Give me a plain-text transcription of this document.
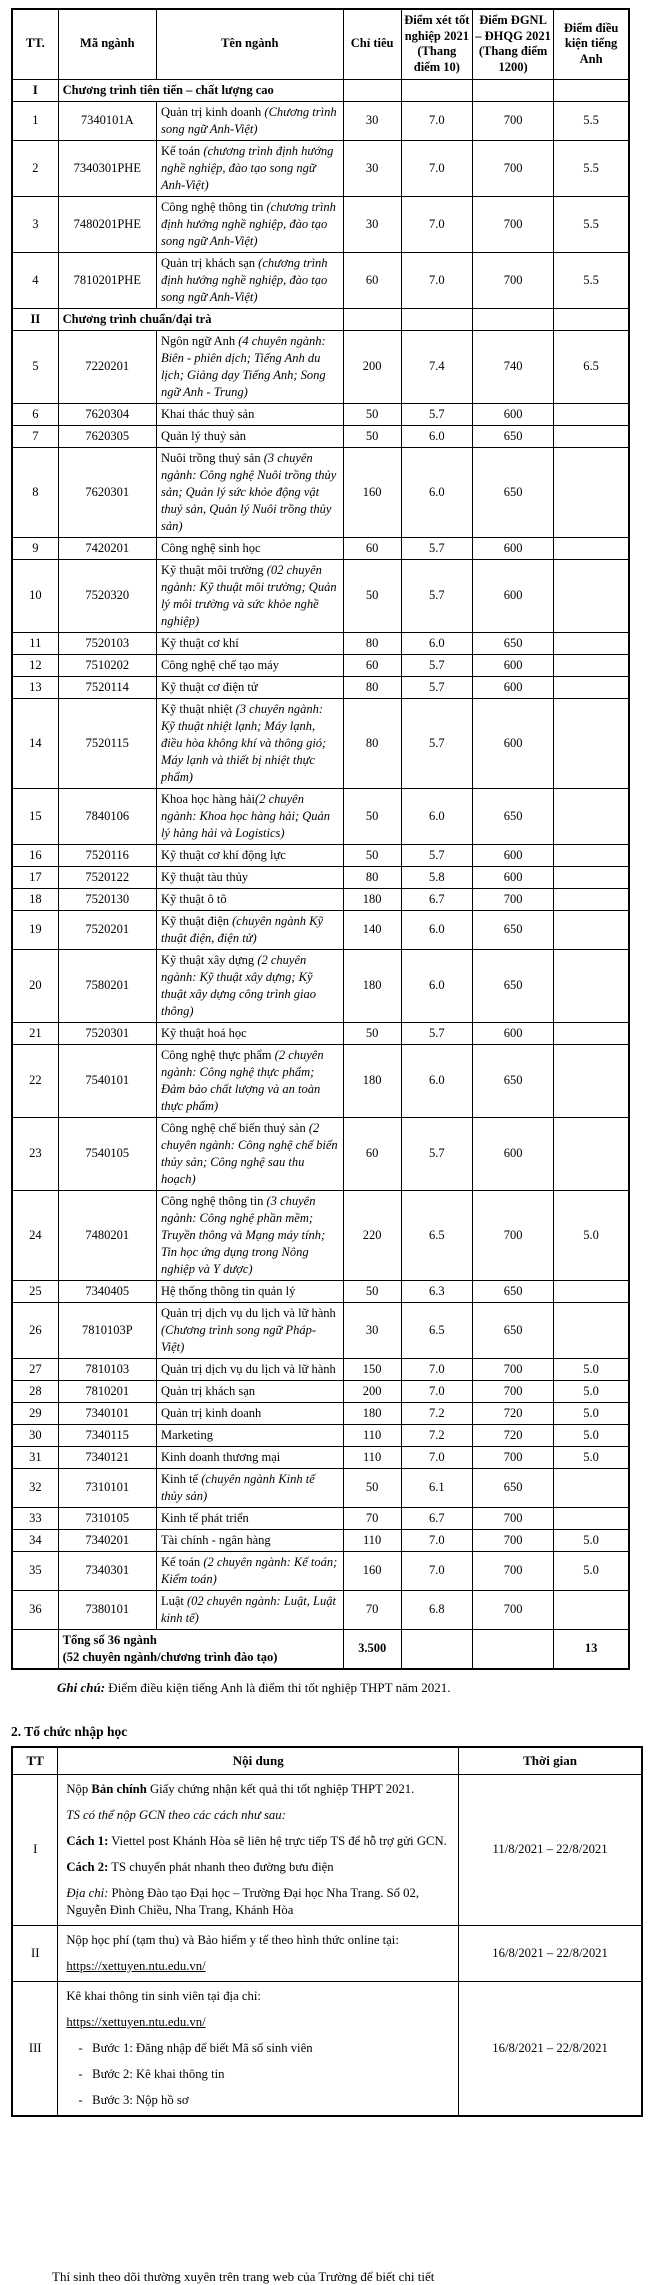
TT.	Mã ngành	Tên ngành	Chỉ tiêu	Điểm xét tốt nghiệp 2021 (Thang điểm 10)	Điểm ĐGNL – ĐHQG 2021 (Thang điểm 1200)	Điểm điều kiện tiếng Anh
I	Chương trình tiên tiến – chất lượng cao					
1	7340101A	Quản trị kinh doanh (Chương trình song ngữ Anh-Việt)	30	7.0	700	5.5
2	7340301PHE	Kế toán (chương trình định hướng nghề nghiệp, đào tạo song ngữ Anh-Việt)	30	7.0	700	5.5
3	7480201PHE	Công nghệ thông tin (chương trình định hướng nghề nghiệp, đào tạo song ngữ Anh-Việt)	30	7.0	700	5.5
4	7810201PHE	Quản trị khách sạn (chương trình định hướng nghề nghiệp, đào tạo song ngữ Anh-Việt)	60	7.0	700	5.5
II	Chương trình chuẩn/đại trà					
5	7220201	Ngôn ngữ Anh (4 chuyên ngành: Biên - phiên dịch; Tiếng Anh du lịch; Giảng dạy Tiếng Anh; Song ngữ Anh - Trung)	200	7.4	740	6.5
6	7620304	Khai thác thuỷ sản	50	5.7	600	
7	7620305	Quản lý thuỷ sản	50	6.0	650	
8	7620301	Nuôi trồng thuỷ sản (3 chuyên ngành: Công nghệ Nuôi trồng thủy sản; Quản lý sức khỏe động vật thuỷ sản, Quản lý Nuôi trồng thủy sản)	160	6.0	650	
9	7420201	Công nghệ sinh học	60	5.7	600	
10	7520320	Kỹ thuật môi trường (02 chuyên ngành: Kỹ thuật môi trường; Quản lý môi trường và sức khỏe nghề nghiệp)	50	5.7	600	
11	7520103	Kỹ thuật cơ khí	80	6.0	650	
12	7510202	Công nghệ chế tạo máy	60	5.7	600	
13	7520114	Kỹ thuật cơ điện tử	80	5.7	600	
14	7520115	Kỹ thuật nhiệt (3 chuyên ngành: Kỹ thuật nhiệt lạnh; Máy lạnh, điều hòa không khí và thông gió; Máy lạnh và thiết bị nhiệt thực phẩm)	80	5.7	600	
15	7840106	Khoa học hàng hải(2 chuyên ngành: Khoa học hàng hải; Quản lý hàng hải và Logistics)	50	6.0	650	
16	7520116	Kỹ thuật cơ khí động lực	50	5.7	600	
17	7520122	Kỹ thuật tàu thủy	80	5.8	600	
18	7520130	Kỹ thuật ô tô	180	6.7	700	
19	7520201	Kỹ thuật điện (chuyên ngành Kỹ thuật điện, điện tử)	140	6.0	650	
20	7580201	Kỹ thuật xây dựng (2 chuyên ngành: Kỹ thuật xây dựng; Kỹ thuật xây dựng công trình giao thông)	180	6.0	650	
21	7520301	Kỹ thuật hoá học	50	5.7	600	
22	7540101	Công nghệ thực phẩm (2 chuyên ngành: Công nghệ thực phẩm; Đảm bảo chất lượng và an toàn thực phẩm)	180	6.0	650	
23	7540105	Công nghệ chế biến thuỷ sản (2 chuyên ngành: Công nghệ chế biến thủy sản; Công nghệ sau thu hoạch)	60	5.7	600	
24	7480201	Công nghệ thông tin (3 chuyên ngành: Công nghệ phần mềm; Truyền thông và Mạng máy tính; Tin học ứng dụng trong Nông nghiệp và Y dược)	220	6.5	700	5.0
25	7340405	Hệ thống thông tin quản lý	50	6.3	650	
26	7810103P	Quản trị dịch vụ du lịch và lữ hành (Chương trình song ngữ Pháp-Việt)	30	6.5	650	
27	7810103	Quản trị dịch vụ du lịch và lữ hành	150	7.0	700	5.0
28	7810201	Quản trị khách sạn	200	7.0	700	5.0
29	7340101	Quản trị kinh doanh	180	7.2	720	5.0
30	7340115	Marketing	110	7.2	720	5.0
31	7340121	Kinh doanh thương mại	110	7.0	700	5.0
32	7310101	Kinh tế (chuyên ngành Kinh tế thủy sản)	50	6.1	650	
33	7310105	Kinh tế phát triển	70	6.7	700	
34	7340201	Tài chính - ngân hàng	110	7.0	700	5.0
35	7340301	Kế toán (2 chuyên ngành: Kế toán; Kiểm toán)	160	7.0	700	5.0
36	7380101	Luật (02 chuyên ngành: Luật, Luật kinh tế)	70	6.8	700	

	Tổng số 36 ngành
(52 chuyên ngành/chương trình đào tạo)		3.500			13

Ghi chú: Điểm điều kiện tiếng Anh là điểm thi tốt nghiệp THPT năm 2021.

2. Tổ chức nhập học
TT	Nội dung	Thời gian
I	Nộp Bản chính Giấy chứng nhận kết quả thi tốt nghiệp THPT 2021.

TS có thể nộp GCN theo các cách như sau:

Cách 1: Viettel post Khánh Hòa sẽ liên hệ trực tiếp TS để hỗ trợ gửi GCN.

Cách 2: TS chuyển phát nhanh theo đường bưu điện

Địa chỉ: Phòng Đào tạo Đại học – Trường Đại học Nha Trang. Số 02, Nguyễn Đình Chiều, Nha Trang, Khánh Hòa	11/8/2021 – 22/8/2021
II	Nộp học phí (tạm thu) và Bảo hiểm y tế theo hình thức online tại:

https://xettuyen.ntu.edu.vn/	16/8/2021 – 22/8/2021
III	Kê khai thông tin sinh viên tại địa chỉ:

https://xettuyen.ntu.edu.vn/

-   Bước 1: Đăng nhập để biết Mã số sinh viên

-   Bước 2: Kê khai thông tin

-   Bước 3: Nộp hồ sơ	16/8/2021 – 22/8/2021
Thí sinh theo dõi thường xuyên trên trang web của Trường để biết chi tiết
